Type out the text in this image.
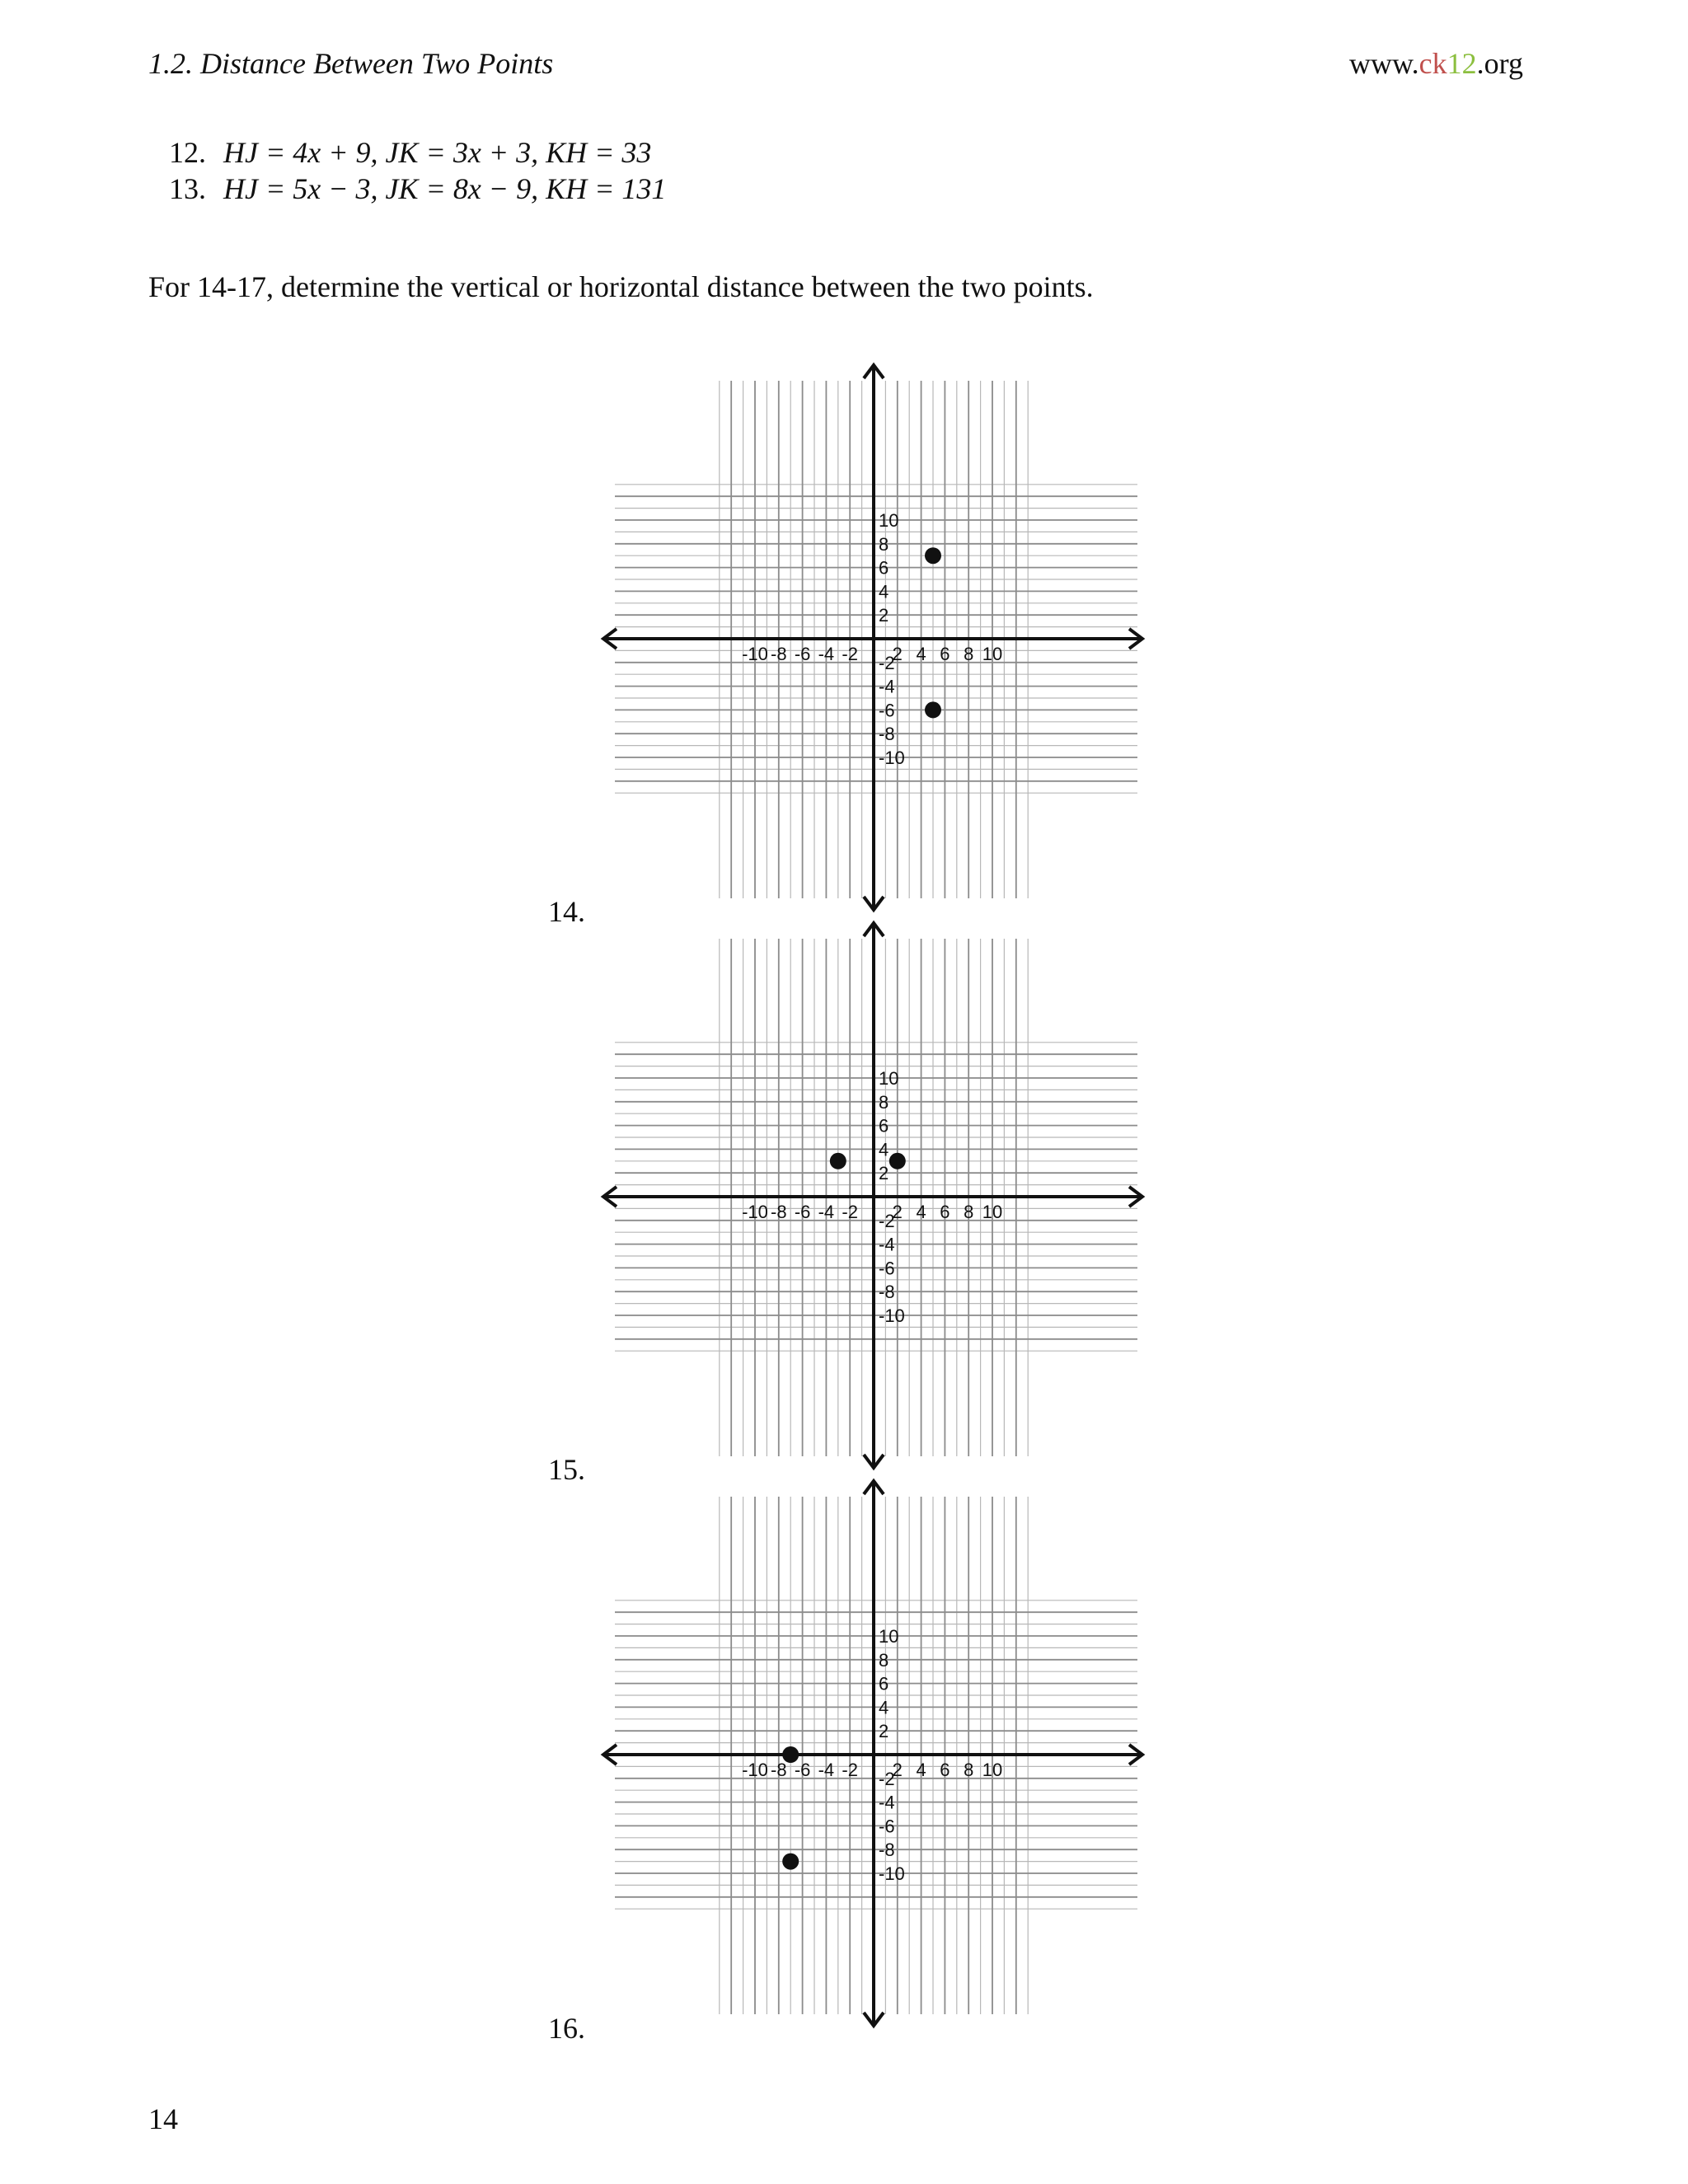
1.2. Distance Between Two Points	www.ck12.org
12. HJ = 4x + 9, JK = 3x + 3, KH = 33
13. HJ = 5x − 3, JK = 8x − 9, KH = 131
For 14-17, determine the vertical or horizontal distance between the two points.
14.
15.
16.
-10 -8 -6 -4 -2 2 4 6 8 10
10
8
6
4
2
-2
-4
-6
-8
-10
-10 -8 -6 -4 -2 2 4 6 8 10
10
8
6
4
2
-2
-4
-6
-8
-10
-10 -8 -6 -4 -2 2 4 6 8 10
10
8
6
4
2
-2
-4
-6
-8
-10
14
